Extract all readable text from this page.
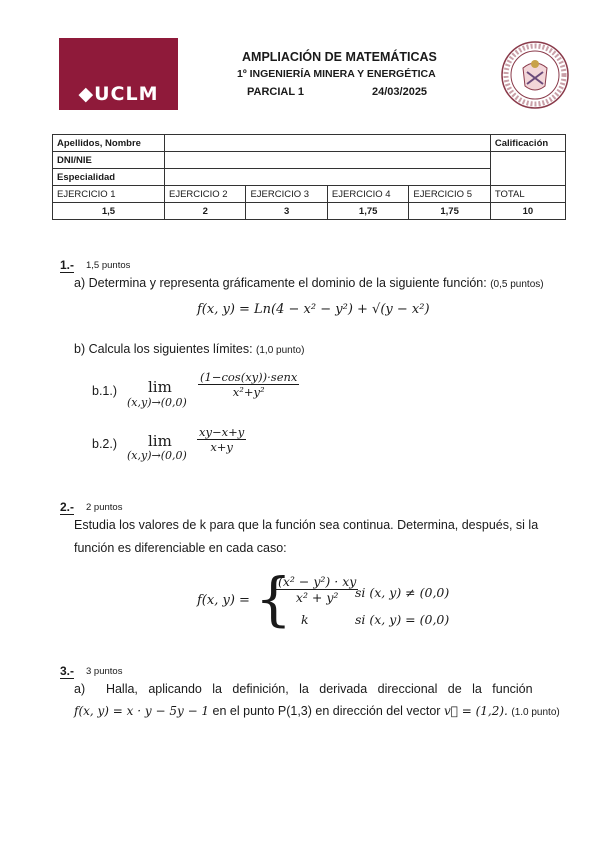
◆UCLM
AMPLIACIÓN DE MATEMÁTICAS
1º INGENIERÍA MINERA Y ENERGÉTICA
PARCIAL 1	24/03/2025
Apellidos, Nombre					Calificación
DNI/NIE					
Especialidad					
EJERCICIO 1	EJERCICIO 2	EJERCICIO 3	EJERCICIO 4	EJERCICIO 5	TOTAL
1,5	2	3	1,75	1,75	10
1.- 1,5 puntos
a) Determina y representa gráficamente el dominio de la siguiente función: (0,5 puntos)
f(x, y) = Ln(4 − x² − y²) + √(y − x²)
b) Calcula los siguientes límites: (1,0 punto)
b.1.) lim
(x,y)→(0,0)
$\frac{\text{(1−cos(xy))·senx}}{\text{x²+y²}}$
b.2.) lim
(x,y)→(0,0)
$\frac{xy-x+y}{x+y}$
2.- 2 puntos
Estudia los valores de k para que la función sea continua. Determina, después, si la
función es diferenciable en cada caso:
f(x, y) = {
$\frac{\text{(x² − y²) · xy}}{\text{x² + y²}}$
si (x, y) ≠ (0,0)
k	si (x, y) = (0,0)
3.- 3 puntos
a)      Halla,   aplicando   la   definición,   la   derivada   direccional   de   la   función
f(x, y) = x · y − 5y − 1 en el punto P(1,3) en dirección del vector v⃗ = (1,2). (1.0 punto)
